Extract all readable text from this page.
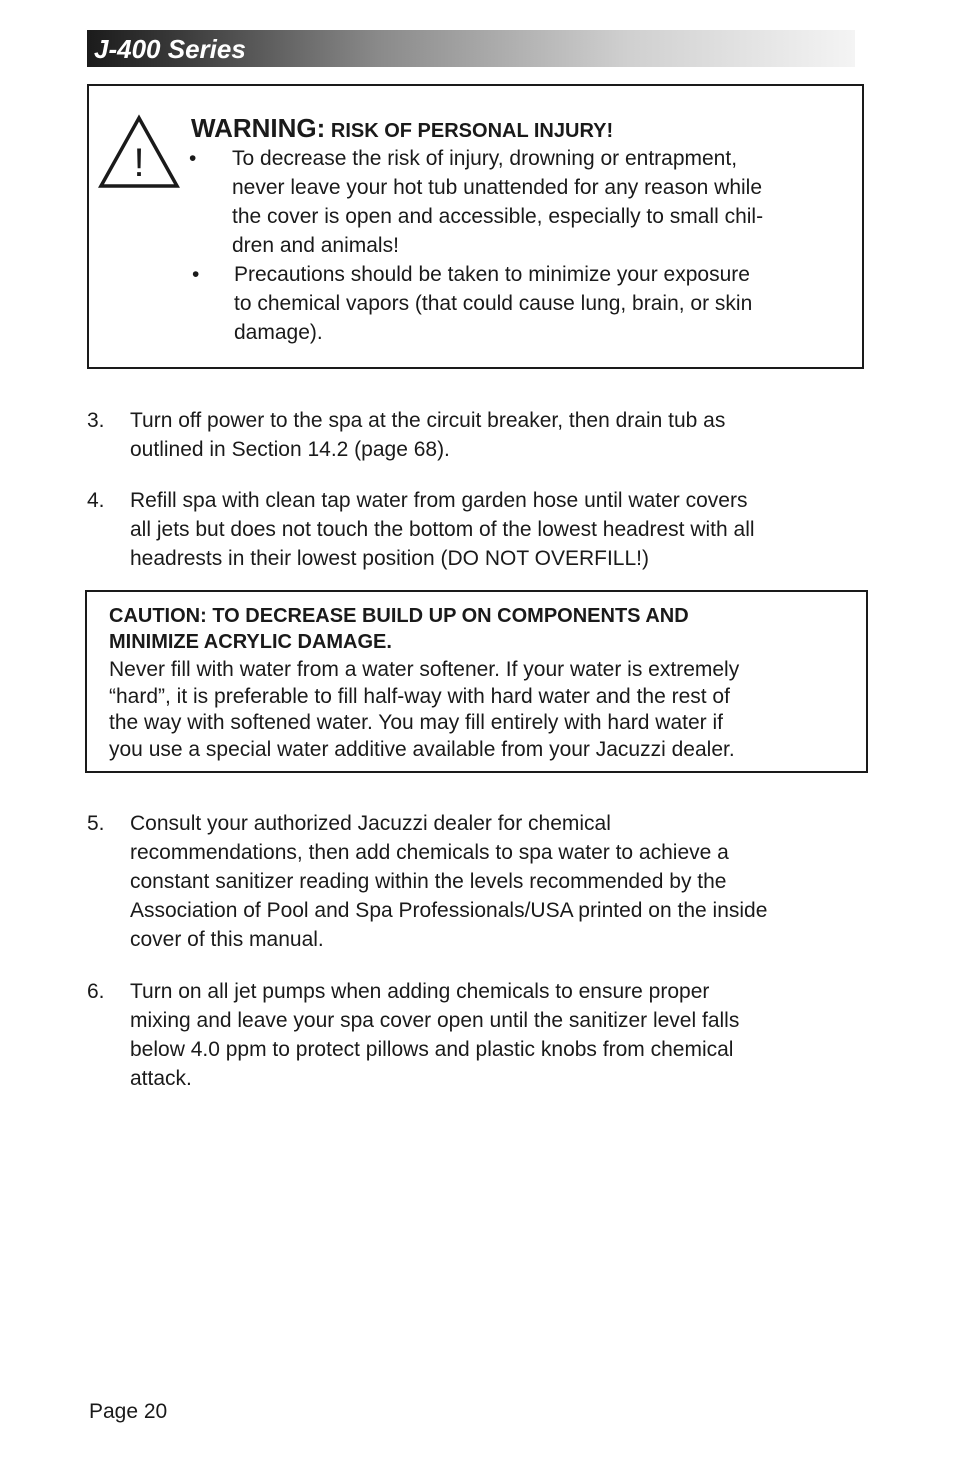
J-400 Series
!
WARNING: RISK OF PERSONAL INJURY!
• To decrease the risk of injury, drowning or entrapment,
never leave your hot tub unattended for any reason while
the cover is open and accessible, especially to small chil-
dren and animals!
• Precautions should be taken to minimize your exposure
to chemical vapors (that could cause lung, brain, or skin
damage).
3. Turn off power to the spa at the circuit breaker, then drain tub as
outlined in Section 14.2 (page 68).
4. Refill spa with clean tap water from garden hose until water covers
all jets but does not touch the bottom of the lowest headrest with all
headrests in their lowest position (DO NOT OVERFILL!)
CAUTION: TO DECREASE BUILD UP ON COMPONENTS AND
MINIMIZE ACRYLIC DAMAGE.
Never fill with water from a water softener. If your water is extremely
“hard”, it is preferable to fill half-way with hard water and the rest of
the way with softened water. You may fill entirely with hard water if
you use a special water additive available from your Jacuzzi dealer.
5. Consult your authorized Jacuzzi dealer for chemical
recommendations, then add chemicals to spa water to achieve a
constant sanitizer reading within the levels recommended by the
Association of Pool and Spa Professionals/USA printed on the inside
cover of this manual.
6. Turn on all jet pumps when adding chemicals to ensure proper
mixing and leave your spa cover open until the sanitizer level falls
below 4.0 ppm to protect pillows and plastic knobs from chemical
attack.
Page 20
